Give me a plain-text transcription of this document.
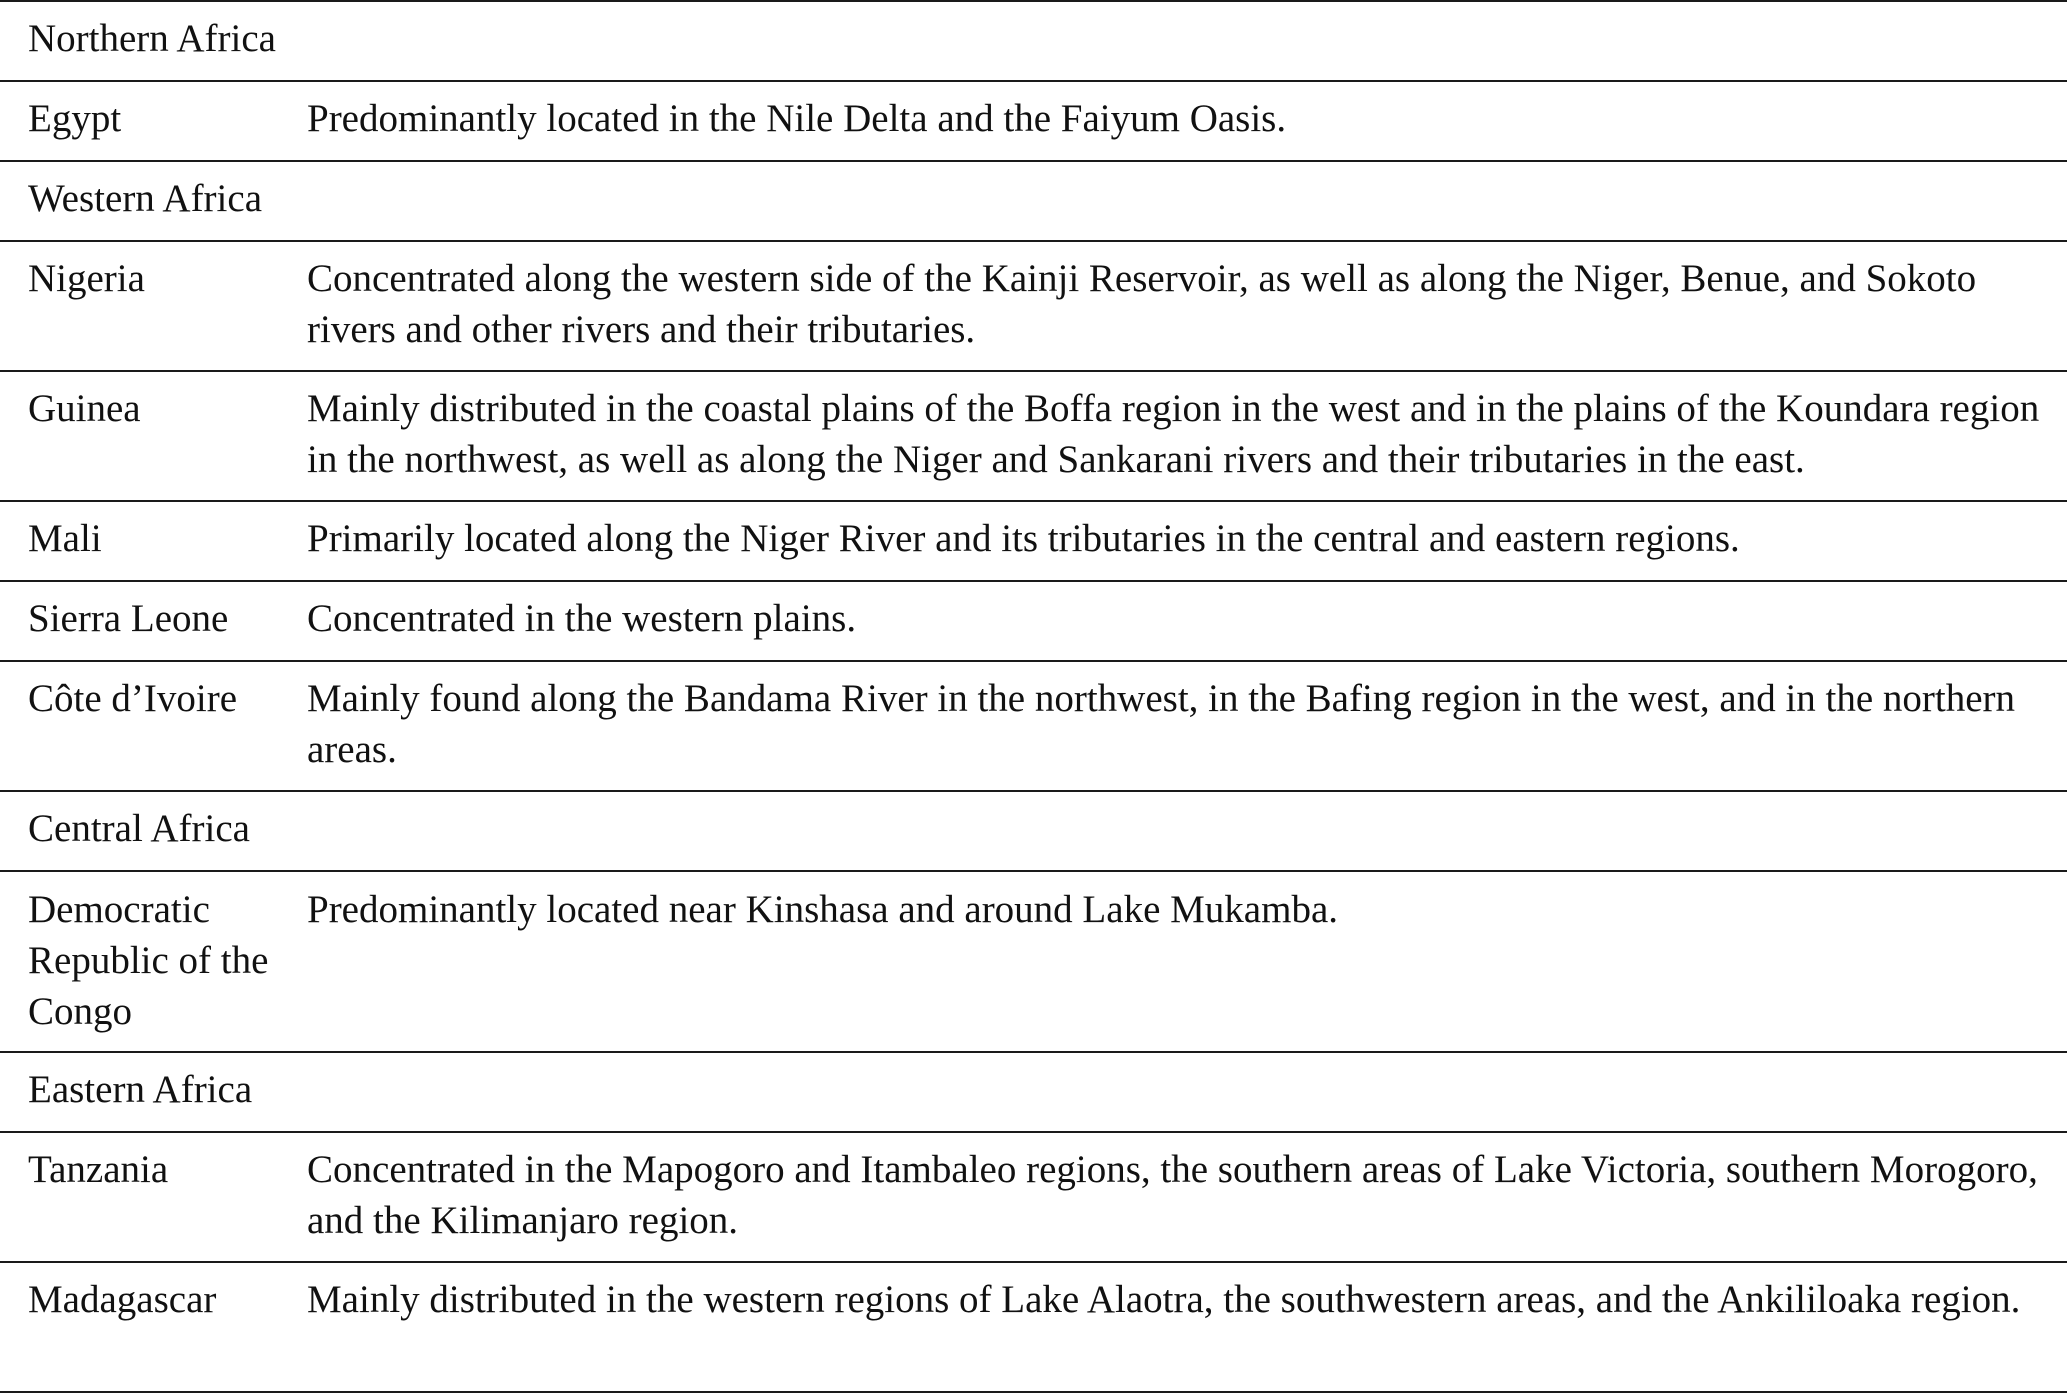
Northern Africa	
Egypt	Predominantly located in the Nile Delta and the Faiyum Oasis.
Western Africa	
Nigeria	Concentrated along the western side of the Kainji Reservoir, as well as along the Niger, Benue, and Sokoto rivers and other rivers and their tributaries.
Guinea	Mainly distributed in the coastal plains of the Boffa region in the west and in the plains of the Koundara region in the northwest, as well as along the Niger and Sankarani rivers and their tributaries in the east.
Mali	Primarily located along the Niger River and its tributaries in the central and eastern regions.
Sierra Leone	Concentrated in the western plains.
Côte d’Ivoire	Mainly found along the Bandama River in the northwest, in the Bafing region in the west, and in the northern areas.
Central Africa	
Democratic Republic of the Congo	Predominantly located near Kinshasa and around Lake Mukamba.
Eastern Africa	
Tanzania	Concentrated in the Mapogoro and Itambaleo regions, the southern areas of Lake Victoria, southern Morogoro, and the Kilimanjaro region.
Madagascar	Mainly distributed in the western regions of Lake Alaotra, the southwestern areas, and the Ankililoaka region.
